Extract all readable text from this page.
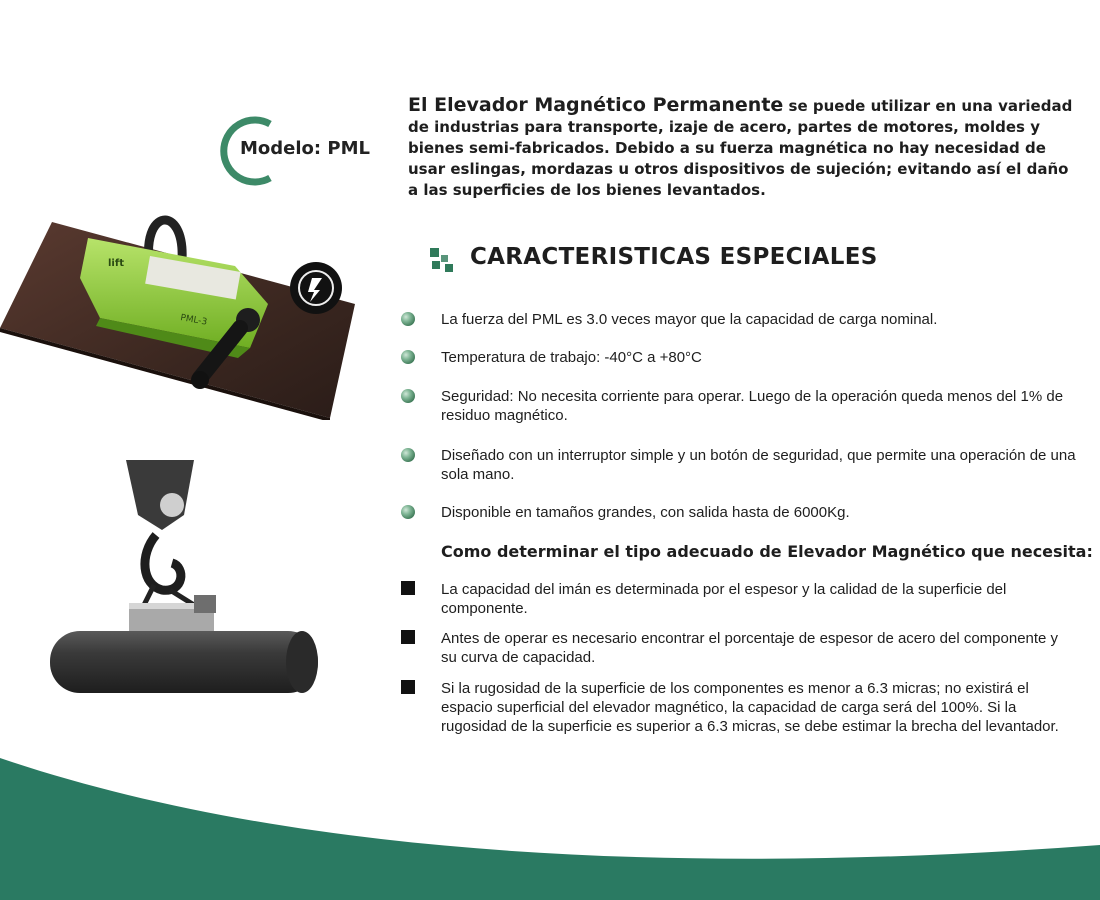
Modelo: PML
lift
PML-3
El Elevador Magnético Permanente se puede utilizar en una variedad de industrias para transporte, izaje de acero, partes de motores, moldes y bienes semi-fabricados. Debido a su fuerza magnética no hay necesidad de usar eslingas, mordazas u otros dispositivos de sujeción; evitando así el daño a las superficies de los bienes levantados.
CARACTERISTICAS ESPECIALES
La fuerza del PML es 3.0 veces mayor que la capacidad de carga nominal.
Temperatura de trabajo: -40°C a +80°C
Seguridad: No necesita corriente para operar. Luego de la operación queda menos del 1% de residuo magnético.
Diseñado con un interruptor simple y un botón de seguridad, que permite una operación de una sola mano.
Disponible en tamaños grandes, con salida hasta de 6000Kg.
Como determinar el tipo adecuado de Elevador Magnético que necesita:
La capacidad del imán es determinada por el espesor y la calidad de la superficie del componente.
Antes de operar es necesario encontrar el porcentaje de espesor de acero del componente y su curva de capacidad.
Si la rugosidad de la superficie de los componentes es menor a 6.3 micras; no existirá el espacio superficial del elevador magnético, la capacidad de carga será del 100%. Si la rugosidad de la superficie es superior a 6.3 micras, se debe estimar la brecha del levantador.
